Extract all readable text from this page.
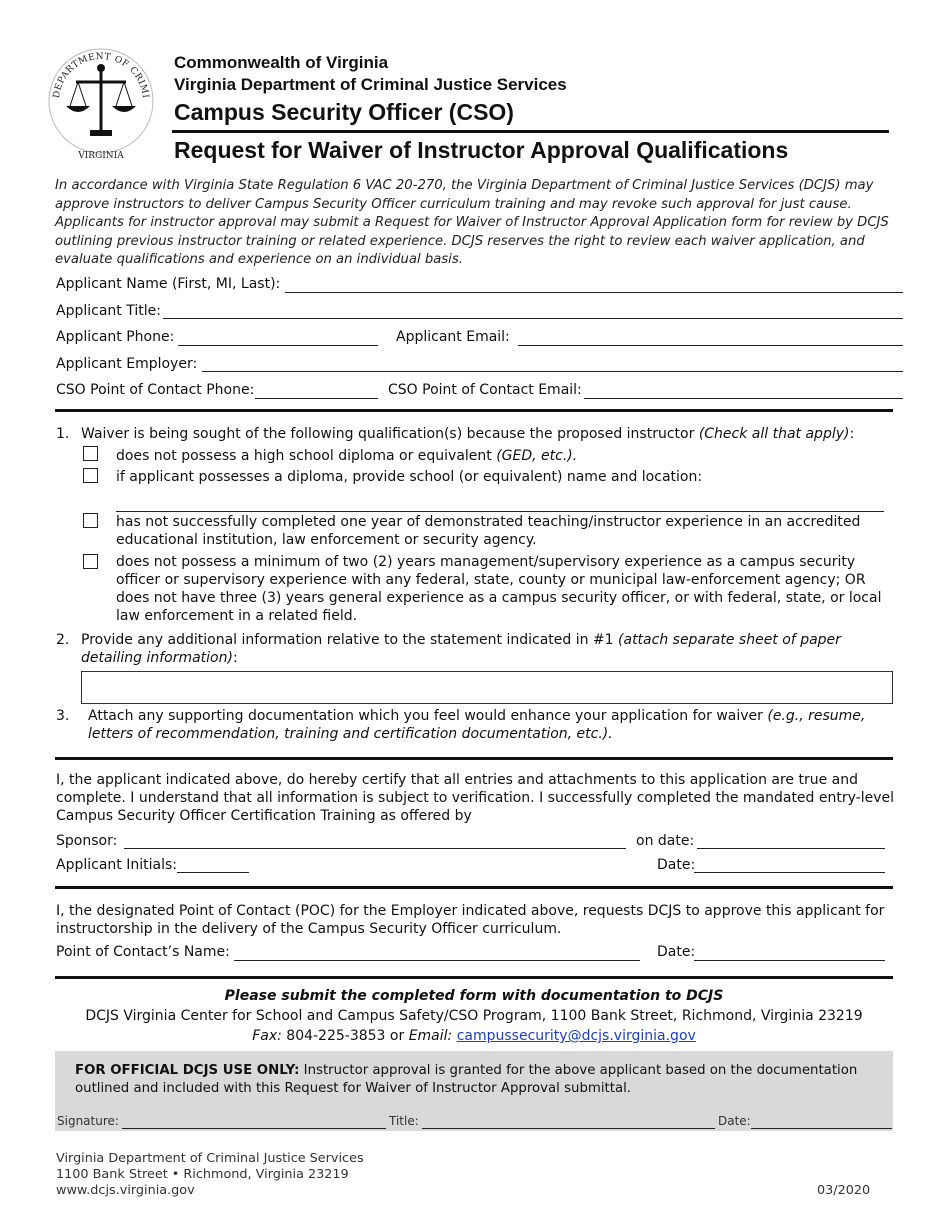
DEPARTMENT OF CRIMI
VIRGINIA
Commonwealth of Virginia
Virginia Department of Criminal Justice Services
Campus Security Officer (CSO)
Request for Waiver of Instructor Approval Qualifications
In accordance with Virginia State Regulation 6 VAC 20-270, the Virginia Department of Criminal Justice Services (DCJS) may approve instructors to deliver Campus Security Officer curriculum training and may revoke such approval for just cause. Applicants for instructor approval may submit a Request for Waiver of Instructor Approval Application form for review by DCJS outlining previous instructor training or related experience. DCJS reserves the right to review each waiver application, and evaluate qualifications and experience on an individual basis.
Applicant Name (First, MI, Last):
Applicant Title:
Applicant Phone:	Applicant Email:
Applicant Employer:
CSO Point of Contact Phone:	CSO Point of Contact Email:
1. Waiver is being sought of the following qualification(s) because the proposed instructor (Check all that apply):
does not possess a high school diploma or equivalent (GED, etc.).
if applicant possesses a diploma, provide school (or equivalent) name and location:
has not successfully completed one year of demonstrated teaching/instructor experience in an accredited educational institution, law enforcement or security agency.
does not possess a minimum of two (2) years management/supervisory experience as a campus security officer or supervisory experience with any federal, state, county or municipal law-enforcement agency; OR does not have three (3) years general experience as a campus security officer, or with federal, state, or local law enforcement in a related field.
2. Provide any additional information relative to the statement indicated in #1 (attach separate sheet of paper detailing information):
3. Attach any supporting documentation which you feel would enhance your application for waiver (e.g., resume, letters of recommendation, training and certification documentation, etc.).
I, the applicant indicated above, do hereby certify that all entries and attachments to this application are true and complete. I understand that all information is subject to verification. I successfully completed the mandated entry-level Campus Security Officer Certification Training as offered by
Sponsor:	on date:
Applicant Initials:	Date:
I, the designated Point of Contact (POC) for the Employer indicated above, requests DCJS to approve this applicant for instructorship in the delivery of the Campus Security Officer curriculum.
Point of Contact’s Name:	Date:
Please submit the completed form with documentation to DCJS
DCJS Virginia Center for School and Campus Safety/CSO Program, 1100 Bank Street, Richmond, Virginia 23219
Fax: 804-225-3853 or Email: campussecurity@dcjs.virginia.gov
FOR OFFICIAL DCJS USE ONLY: Instructor approval is granted for the above applicant based on the documentation outlined and included with this Request for Waiver of Instructor Approval submittal.
Signature:	Title:	Date:
Virginia Department of Criminal Justice Services
1100 Bank Street • Richmond, Virginia 23219
www.dcjs.virginia.gov	03/2020
